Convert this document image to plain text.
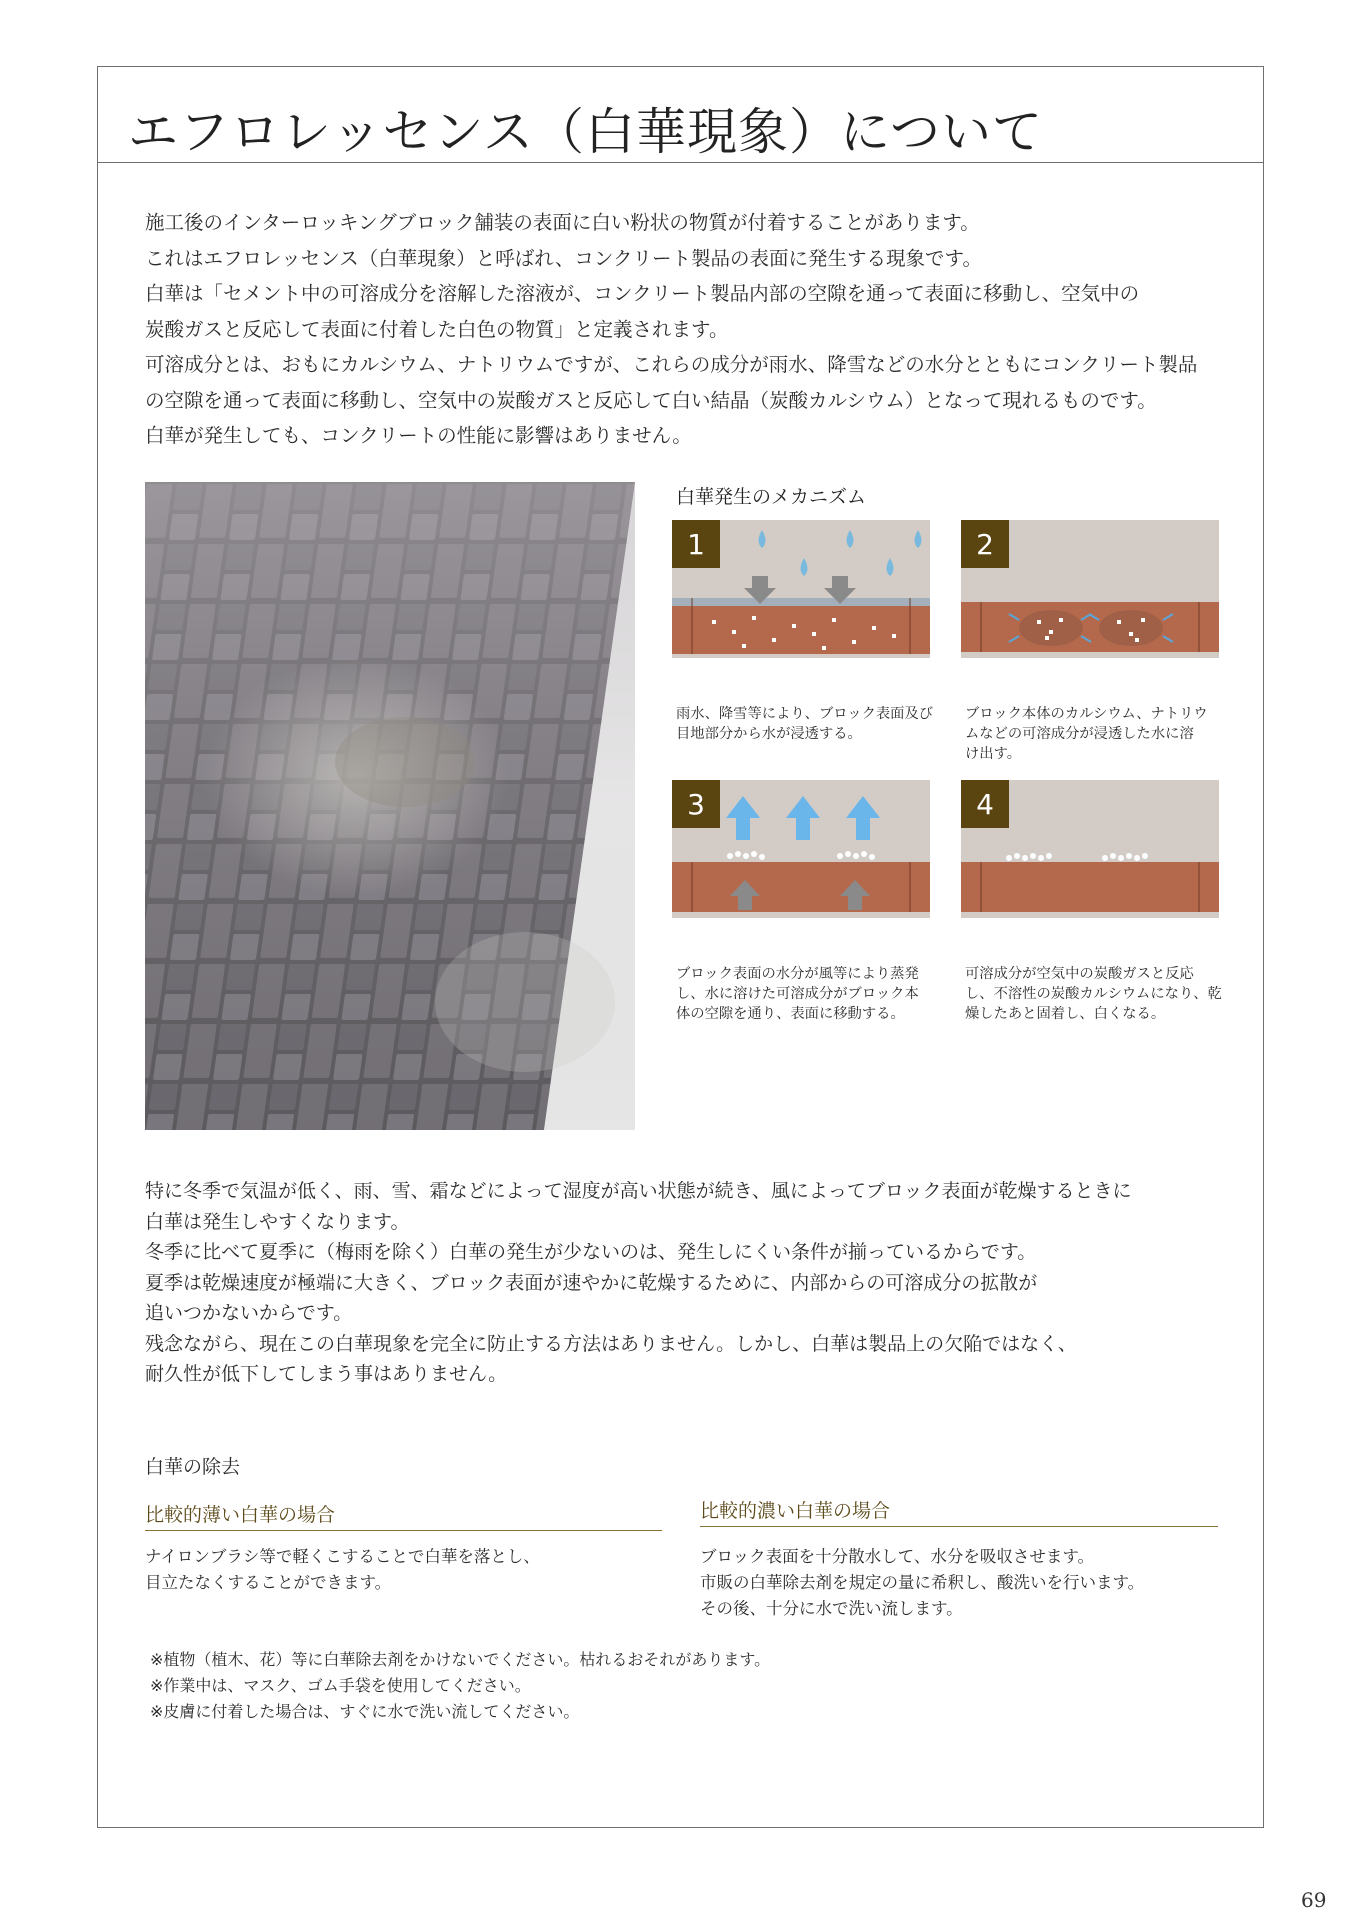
エフロレッセンス（白華現象）について
施工後のインターロッキングブロック舗装の表面に白い粉状の物質が付着することがあります。
これはエフロレッセンス（白華現象）と呼ばれ、コンクリート製品の表面に発生する現象です。
白華は「セメント中の可溶成分を溶解した溶液が、コンクリート製品内部の空隙を通って表面に移動し、空気中の
炭酸ガスと反応して表面に付着した白色の物質」と定義されます。
可溶成分とは、おもにカルシウム、ナトリウムですが、これらの成分が雨水、降雪などの水分とともにコンクリート製品
の空隙を通って表面に移動し、空気中の炭酸ガスと反応して白い結晶（炭酸カルシウム）となって現れるものです。
白華が発生しても、コンクリートの性能に影響はありません。
白華発生のメカニズム
1
雨水、降雪等により、ブロック表面及び
目地部分から水が浸透する。
2
ブロック本体のカルシウム、ナトリウ
ムなどの可溶成分が浸透した水に溶
け出す。
3
ブロック表面の水分が風等により蒸発
し、水に溶けた可溶成分がブロック本
体の空隙を通り、表面に移動する。
4
可溶成分が空気中の炭酸ガスと反応
し、不溶性の炭酸カルシウムになり、乾
燥したあと固着し、白くなる。
特に冬季で気温が低く、雨、雪、霜などによって湿度が高い状態が続き、風によってブロック表面が乾燥するときに
白華は発生しやすくなります。
冬季に比べて夏季に（梅雨を除く）白華の発生が少ないのは、発生しにくい条件が揃っているからです。
夏季は乾燥速度が極端に大きく、ブロック表面が速やかに乾燥するために、内部からの可溶成分の拡散が
追いつかないからです。
残念ながら、現在この白華現象を完全に防止する方法はありません。しかし、白華は製品上の欠陥ではなく、
耐久性が低下してしまう事はありません。
白華の除去
比較的薄い白華の場合
ナイロンブラシ等で軽くこすることで白華を落とし、
目立たなくすることができます。
比較的濃い白華の場合
ブロック表面を十分散水して、水分を吸収させます。
市販の白華除去剤を規定の量に希釈し、酸洗いを行います。
その後、十分に水で洗い流します。
※植物（植木、花）等に白華除去剤をかけないでください。枯れるおそれがあります。
※作業中は、マスク、ゴム手袋を使用してください。
※皮膚に付着した場合は、すぐに水で洗い流してください。
69
